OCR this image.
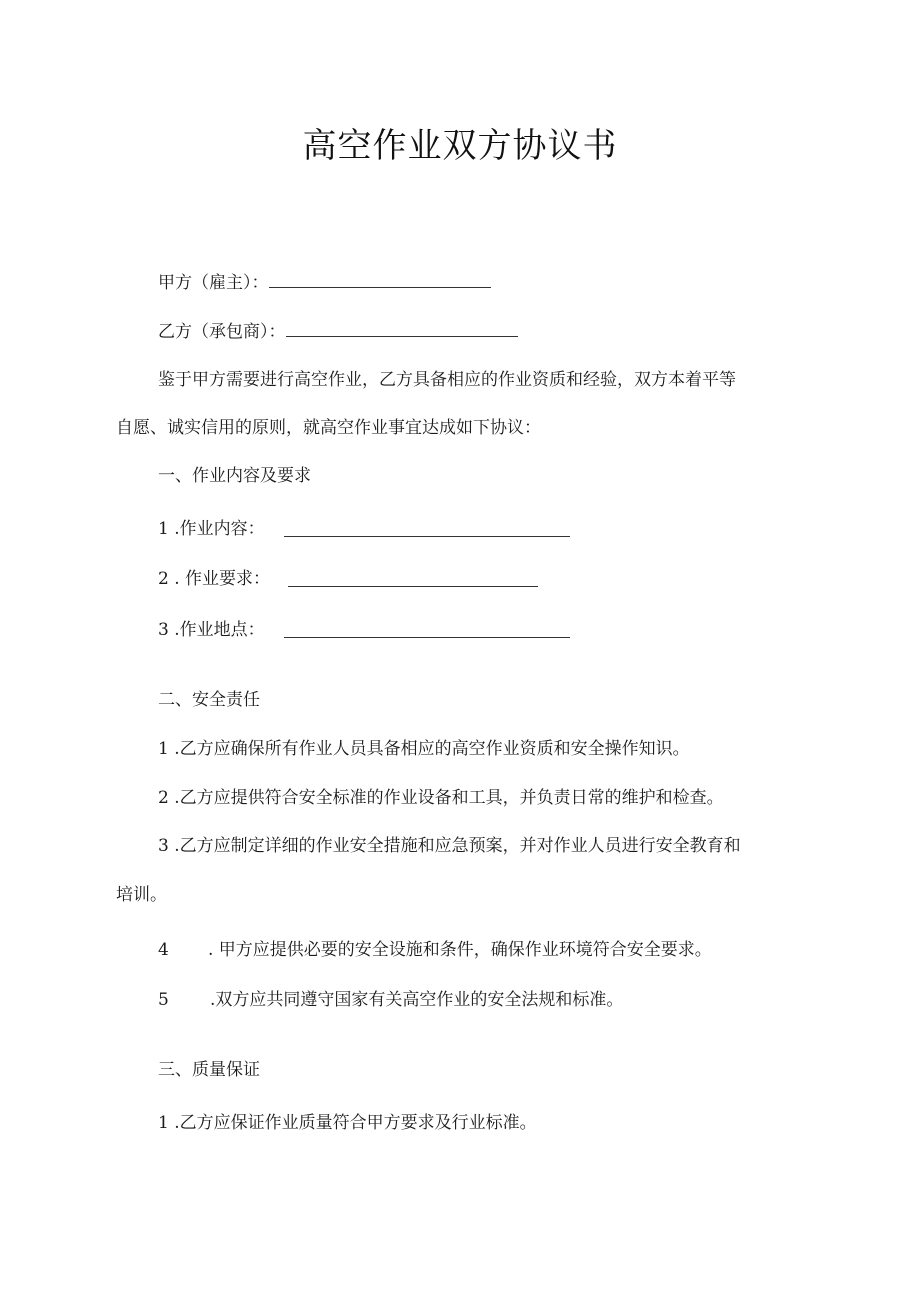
高空作业双方协议书
甲方（雇主）：
乙方（承包商）：
鉴于甲方需要进行高空作业，乙方具备相应的作业资质和经验，双方本着平等
自愿、诚实信用的原则，就高空作业事宜达成如下协议：
一、作业内容及要求
1 .作业内容：
2 . 作业要求：
3 .作业地点：
二、安全责任
1 .乙方应确保所有作业人员具备相应的高空作业资质和安全操作知识。
2 .乙方应提供符合安全标准的作业设备和工具，并负责日常的维护和检查。
3 .乙方应制定详细的作业安全措施和应急预案，并对作业人员进行安全教育和
培训。
4 . 甲方应提供必要的安全设施和条件，确保作业环境符合安全要求。
5 .双方应共同遵守国家有关高空作业的安全法规和标准。
三、质量保证
1 .乙方应保证作业质量符合甲方要求及行业标准。
